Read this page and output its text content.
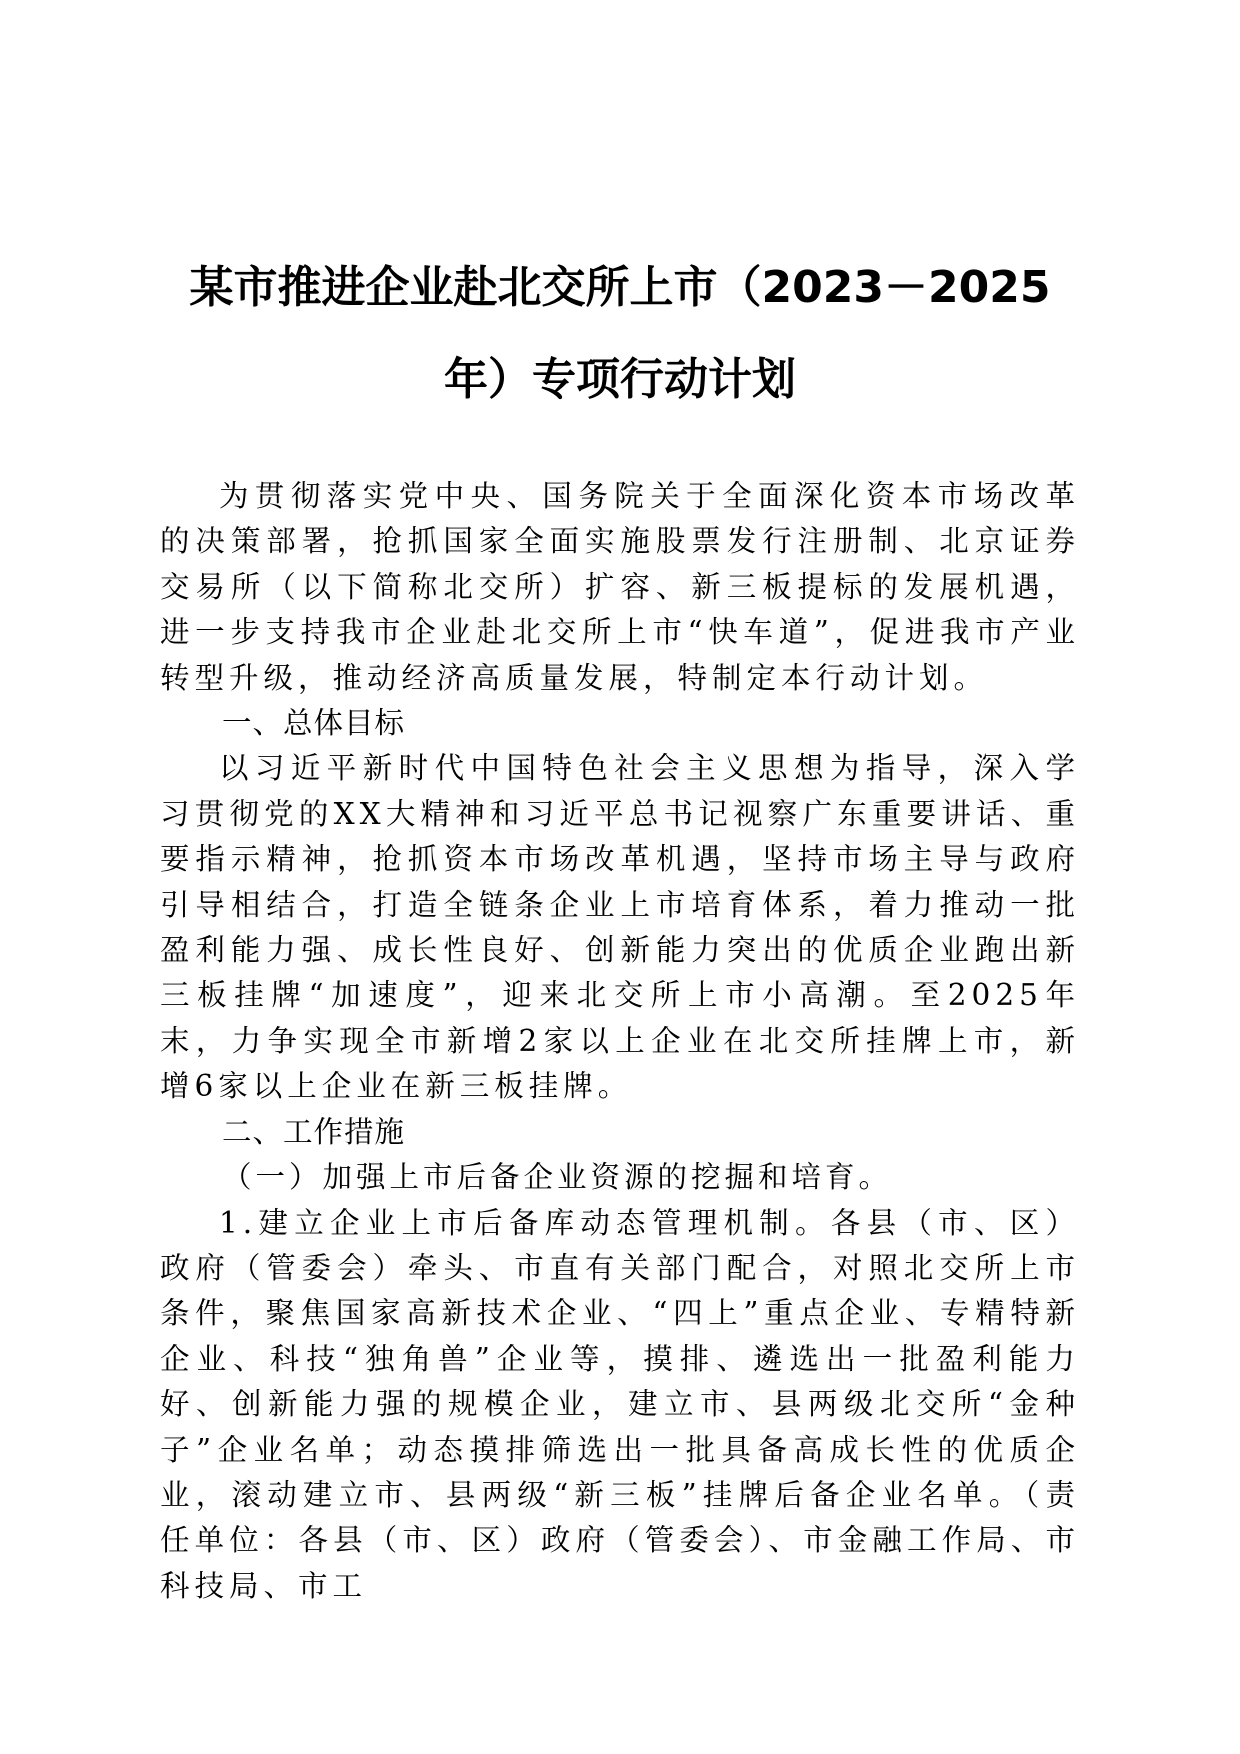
某市推进企业赴北交所上市（2023－2025
年）专项行动计划

为贯彻落实党中央、国务院关于全面深化资本市场改革的决策部署，抢抓国家全面实施股票发行注册制、北京证券交易所（以下简称北交所）扩容、新三板提标的发展机遇，进一步支持我市企业赴北交所上市“快车道”，促进我市产业转型升级，推动经济高质量发展，特制定本行动计划。

一、总体目标

以习近平新时代中国特色社会主义思想为指导，深入学习贯彻党的XX大精神和习近平总书记视察广东重要讲话、重要指示精神，抢抓资本市场改革机遇，坚持市场主导与政府引导相结合，打造全链条企业上市培育体系，着力推动一批盈利能力强、成长性良好、创新能力突出的优质企业跑出新三板挂牌“加速度”，迎来北交所上市小高潮。至2025年末，力争实现全市新增2家以上企业在北交所挂牌上市，新增6家以上企业在新三板挂牌。

二、工作措施

（一）加强上市后备企业资源的挖掘和培育。

1.建立企业上市后备库动态管理机制。各县（市、区）政府（管委会）牵头、市直有关部门配合，对照北交所上市条件，聚焦国家高新技术企业、“四上”重点企业、专精特新企业、科技“独角兽”企业等，摸排、遴选出一批盈利能力好、创新能力强的规模企业，建立市、县两级北交所“金种子”企业名单；动态摸排筛选出一批具备高成长性的优质企业，滚动建立市、县两级“新三板”挂牌后备企业名单。（责任单位：各县（市、区）政府（管委会）、市金融工作局、市科技局、市工
